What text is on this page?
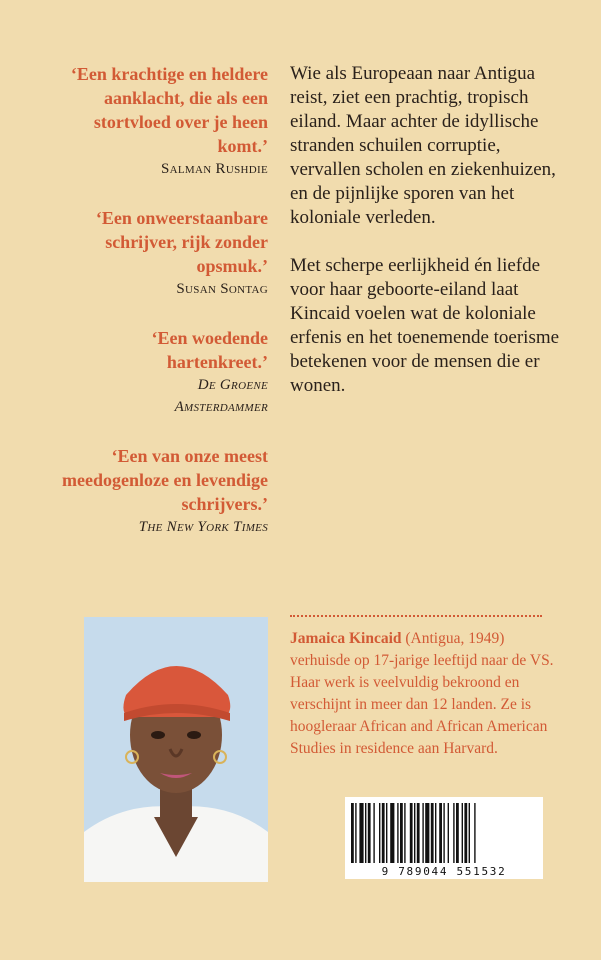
‘Een krachtige en heldere aanklacht, die als een stortvloed over je heen komt.’
Salman Rushdie
‘Een onweerstaanbare schrijver, rijk zonder opsmuk.’
Susan Sontag
‘Een woedende hartenkreet.’
De Groene
Amsterdammer
‘Een van onze meest meedogenloze en levendige schrijvers.’
The New York Times

Wie als Europeaan naar Antigua reist, ziet een prachtig, tropisch eiland. Maar achter de idyllische stranden schuilen corruptie, vervallen scholen en ziekenhuizen, en de pijnlijke sporen van het koloniale verleden.

Met scherpe eerlijkheid én liefde voor haar geboorte-eiland laat Kincaid voelen wat de koloniale erfenis en het toenemende toerisme betekenen voor de mensen die er wonen.

Jamaica Kincaid (Antigua, 1949) verhuisde op 17-jarige leeftijd naar de VS. Haar werk is veelvuldig bekroond en verschijnt in meer dan 12 landen. Ze is hoogleraar African and African American Studies in residence aan Harvard.
9 789044 551532
